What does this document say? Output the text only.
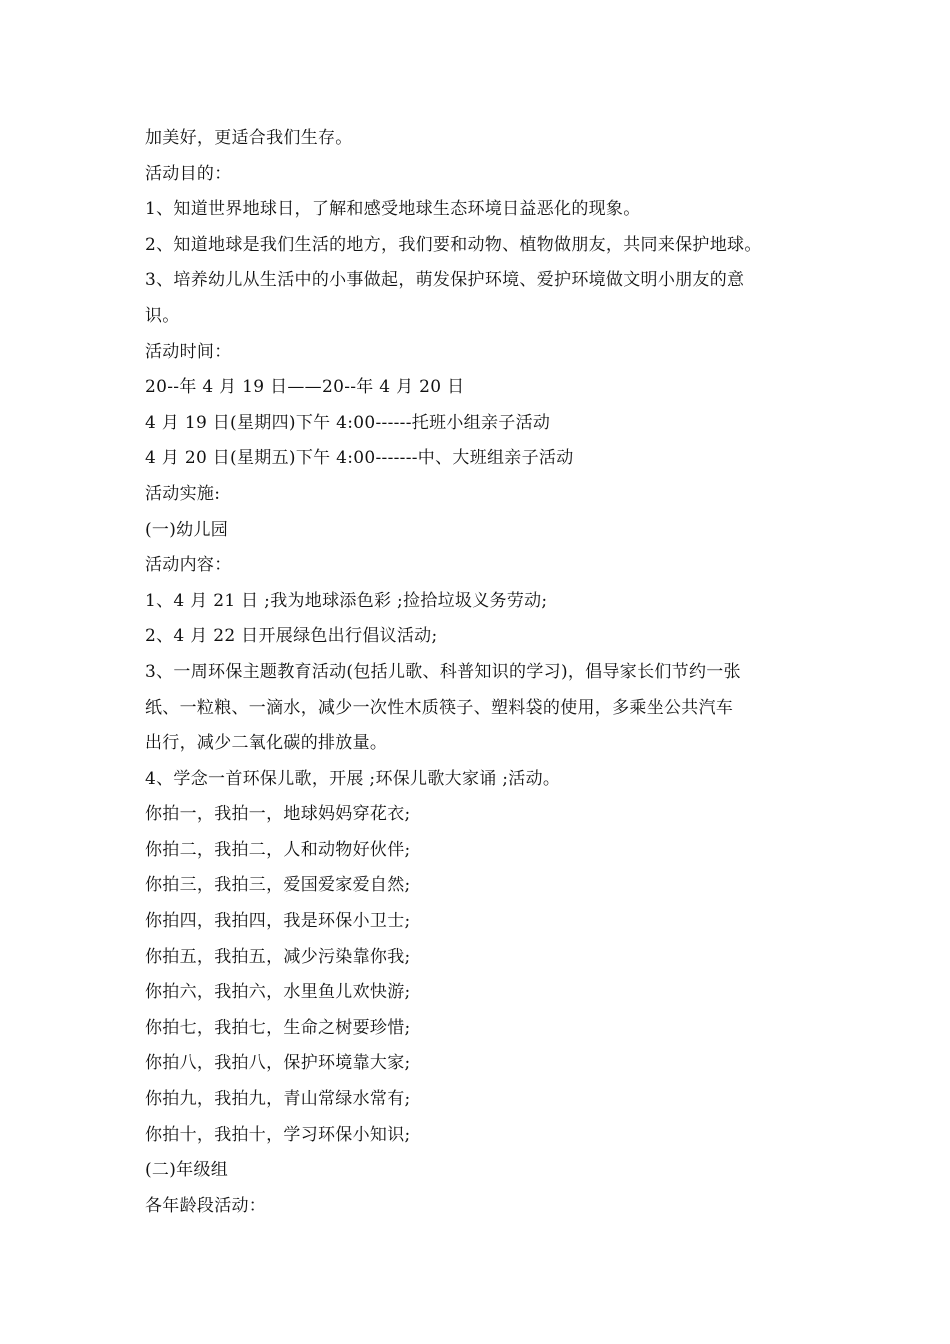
加美好，更适合我们生存。
活动目的：
1、知道世界地球日，了解和感受地球生态环境日益恶化的现象。
2、知道地球是我们生活的地方，我们要和动物、植物做朋友，共同来保护地球。
3、培养幼儿从生活中的小事做起，萌发保护环境、爱护环境做文明小朋友的意
识。
活动时间：
20--年 4 月 19 日——20--年 4 月 20 日
4 月 19 日(星期四)下午 4:00------托班小组亲子活动
4 月 20 日(星期五)下午 4:00-------中、大班组亲子活动
活动实施:
(一)幼儿园
活动内容：
1、4 月 21 日 ;我为地球添色彩 ;捡拾垃圾义务劳动;
2、4 月 22 日开展绿色出行倡议活动;
3、一周环保主题教育活动(包括儿歌、科普知识的学习)，倡导家长们节约一张
纸、一粒粮、一滴水，减少一次性木质筷子、塑料袋的使用，多乘坐公共汽车
出行，减少二氧化碳的排放量。
4、学念一首环保儿歌，开展 ;环保儿歌大家诵 ;活动。
你拍一，我拍一，地球妈妈穿花衣;
你拍二，我拍二，人和动物好伙伴;
你拍三，我拍三，爱国爱家爱自然;
你拍四，我拍四，我是环保小卫士;
你拍五，我拍五，减少污染靠你我;
你拍六，我拍六，水里鱼儿欢快游;
你拍七，我拍七，生命之树要珍惜;
你拍八，我拍八，保护环境靠大家;
你拍九，我拍九，青山常绿水常有;
你拍十，我拍十，学习环保小知识;
(二)年级组
各年龄段活动：
